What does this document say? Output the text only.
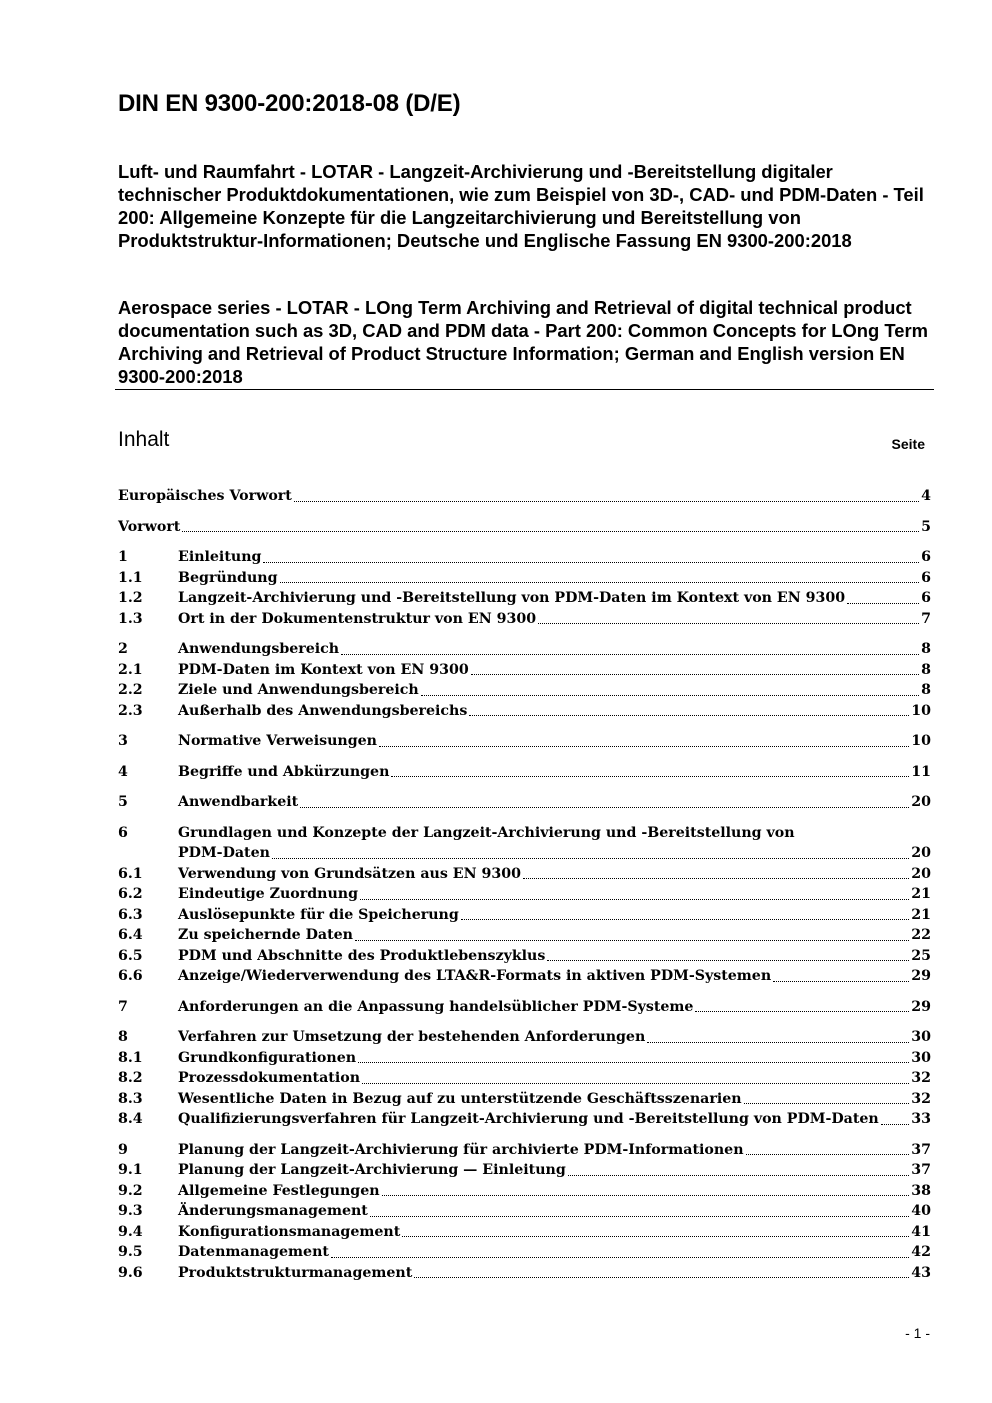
DIN EN 9300-200:2018-08 (D/E)
Luft- und Raumfahrt - LOTAR - Langzeit-Archivierung und -Bereitstellung digitaler technischer Produktdokumentationen, wie zum Beispiel von 3D-, CAD- und PDM-Daten - Teil 200: Allgemeine Konzepte für die Langzeitarchivierung und Bereitstellung von Produktstruktur-Informationen; Deutsche und Englische Fassung EN 9300-200:2018
Aerospace series - LOTAR - LOng Term Archiving and Retrieval of digital technical product documentation such as 3D, CAD and PDM data - Part 200: Common Concepts for LOng Term Archiving and Retrieval of Product Structure Information; German and English version EN 9300-200:2018
Inhalt	Seite
Europäisches Vorwort	4
Vorwort	5
1	Einleitung	6
1.1	Begründung	6
1.2	Langzeit-Archivierung und -Bereitstellung von PDM-Daten im Kontext von EN 9300	6
1.3	Ort in der Dokumentenstruktur von EN 9300	7
2	Anwendungsbereich	8
2.1	PDM-Daten im Kontext von EN 9300	8
2.2	Ziele und Anwendungsbereich	8
2.3	Außerhalb des Anwendungsbereichs	10
3	Normative Verweisungen	10
4	Begriffe und Abkürzungen	11
5	Anwendbarkeit	20
6	Grundlagen und Konzepte der Langzeit-Archivierung und -Bereitstellung von
PDM-Daten	20
6.1	Verwendung von Grundsätzen aus EN 9300	20
6.2	Eindeutige Zuordnung	21
6.3	Auslösepunkte für die Speicherung	21
6.4	Zu speichernde Daten	22
6.5	PDM und Abschnitte des Produktlebenszyklus	25
6.6	Anzeige/Wiederverwendung des LTA&R-Formats in aktiven PDM-Systemen	29
7	Anforderungen an die Anpassung handelsüblicher PDM-Systeme	29
8	Verfahren zur Umsetzung der bestehenden Anforderungen	30
8.1	Grundkonfigurationen	30
8.2	Prozessdokumentation	32
8.3	Wesentliche Daten in Bezug auf zu unterstützende Geschäftsszenarien	32
8.4	Qualifizierungsverfahren für Langzeit-Archivierung und -Bereitstellung von PDM-Daten 33
9	Planung der Langzeit-Archivierung für archivierte PDM-Informationen	37
9.1	Planung der Langzeit-Archivierung — Einleitung	37
9.2	Allgemeine Festlegungen	38
9.3	Änderungsmanagement	40
9.4	Konfigurationsmanagement	41
9.5	Datenmanagement	42
9.6	Produktstrukturmanagement	43
- 1 -
